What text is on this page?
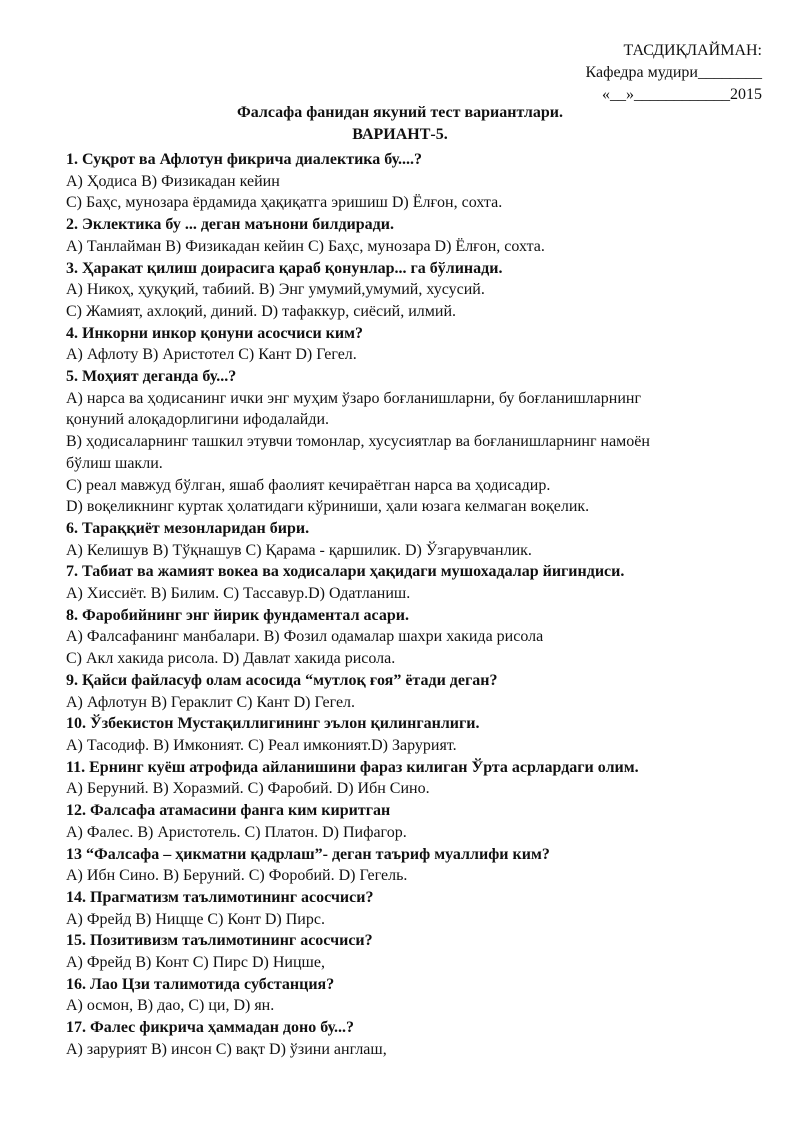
ТАСДИҚЛАЙМАН:
Кафедра мудири________
«__»____________2015
Фалсафа фанидан якуний тест вариантлари.
ВАРИАНТ-5.
1. Суқрот ва Афлотун фикрича диалектика бу....?
А) Ҳодиса В) Физикадан кейин
С) Баҳс, мунозара ёрдамида ҳақиқатга эришиш D) Ёлғон, сохта.
2. Эклектика бу ... деган маънони билдиради.
А) Танлайман В) Физикадан кейин С) Баҳс, мунозара D) Ёлғон, сохта.
3. Ҳаракат қилиш доирасига қараб қонунлар... га бўлинади.
А) Никоҳ, ҳуқуқий, табиий. В) Энг умумий,умумий, хусусий.
С) Жамият, ахлоқий, диний. D) тафаккур, сиёсий, илмий.
4. Инкорни инкор қонуни асосчиси ким?
А) Афлоту В) Аристотел С) Кант D) Гегел.
5. Моҳият деганда бу...?
А) нарса ва ҳодисанинг ички энг муҳим ўзаро боғланишларни, бу боғланишларнинг
қонуний алоқадорлигини ифодалайди.
В) ҳодисаларнинг ташкил этувчи томонлар, хусусиятлар ва боғланишларнинг намоён
бўлиш шакли.
С) реал мавжуд бўлган, яшаб фаолият кечираётган нарса ва ҳодисадир.
D) воқеликнинг куртак ҳолатидаги кўриниши, ҳали юзага келмаган воқелик.
6. Тараққиёт мезонларидан бири.
А) Келишув В) Тўқнашув С) Қарама - қаршилик. D) Ўзгарувчанлик.
7. Табиат ва жамият вокеа ва ходисалари ҳақидаги мушохадалар йигиндиси.
А) Хиссиёт. В) Билим. С) Тассавур.D) Одатланиш.
8. Фаробийнинг энг йирик фундаментал асари.
А) Фалсафанинг манбалари. В) Фозил одамалар шахри хакида рисола
С) Акл хакида рисола. D) Давлат хакида рисола.
9. Қайси файласуф олам асосида “мутлоқ ғоя” ётади деган?
А) Афлотун В) Гераклит С) Кант D) Гегел.
10. Ўзбекистон Мустақиллигининг эълон қилинганлиги.
А) Тасодиф. В) Имконият. С) Реал имконият.D) Зарурият.
11. Ернинг куёш атрофида айланишини фараз килиган Ўрта асрлардаги олим.
А) Беруний. В) Хоразмий. С) Фаробий. D) Ибн Сино.
12. Фалсафа атамасини фанга ким киритган
А) Фалес. В) Аристотель. С) Платон. D) Пифагор.
13 “Фалсафа – ҳикматни қадрлаш”- деган таъриф муаллифи ким?
А) Ибн Сино. В) Беруний. С) Форобий. D) Гегель.
14. Прагматизм таълимотининг асосчиси?
А) Фрейд В) Ницще С) Конт D) Пирс.
15. Позитивизм таълимотининг асосчиси?
А) Фрейд В) Конт С) Пирс D) Ницше,
16. Лао Цзи талимотида субстанция?
А) осмон, В) дао, С) ци, D) ян.
17. Фалес фикрича ҳаммадан доно бу...?
А) зарурият В) инсон С) вақт D) ўзини англаш,
